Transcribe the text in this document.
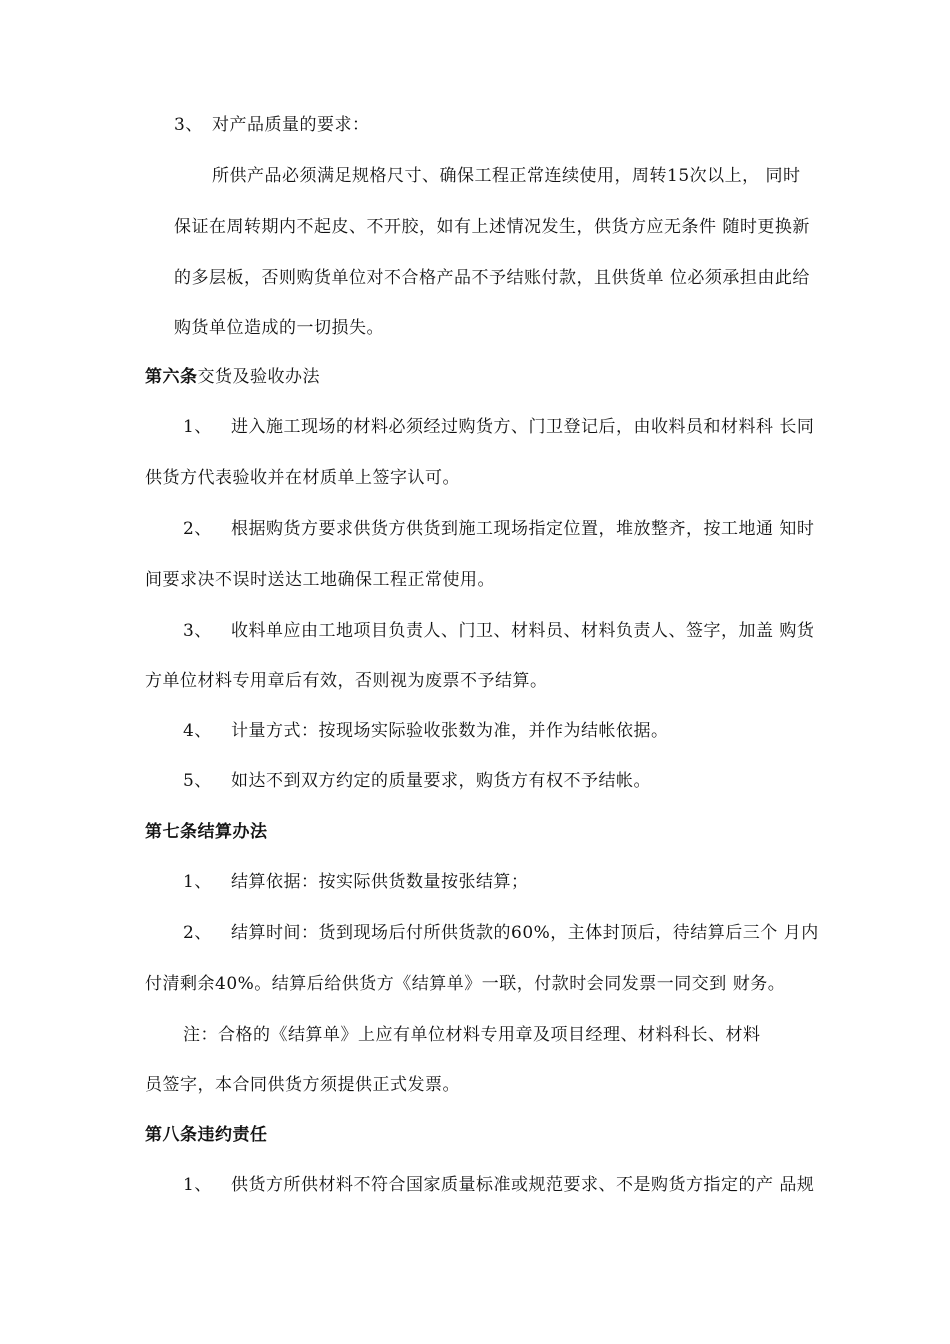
3、 对产品质量的要求：
所供产品必须满足规格尺寸、确保工程正常连续使用，周转15次以上， 同时
保证在周转期内不起皮、不开胶，如有上述情况发生，供货方应无条件 随时更换新
的多层板，否则购货单位对不合格产品不予结账付款，且供货单 位必须承担由此给
购货单位造成的一切损失。
第六条交货及验收办法
1、 进入施工现场的材料必须经过购货方、门卫登记后，由收料员和材料科 长同
供货方代表验收并在材质单上签字认可。
2、 根据购货方要求供货方供货到施工现场指定位置，堆放整齐，按工地通 知时
间要求决不误时送达工地确保工程正常使用。
3、 收料单应由工地项目负责人、门卫、材料员、材料负责人、签字，加盖 购货
方单位材料专用章后有效，否则视为废票不予结算。
4、 计量方式：按现场实际验收张数为准，并作为结帐依据。
5、 如达不到双方约定的质量要求，购货方有权不予结帐。
第七条结算办法
1、 结算依据：按实际供货数量按张结算；
2、 结算时间：货到现场后付所供货款的60%，主体封顶后，待结算后三个 月内
付清剩余40%。结算后给供货方《结算单》一联，付款时会同发票一同交到 财务。
注：合格的《结算单》上应有单位材料专用章及项目经理、材料科长、材料
员签字，本合同供货方须提供正式发票。
第八条违约责任
1、 供货方所供材料不符合国家质量标准或规范要求、不是购货方指定的产 品规
